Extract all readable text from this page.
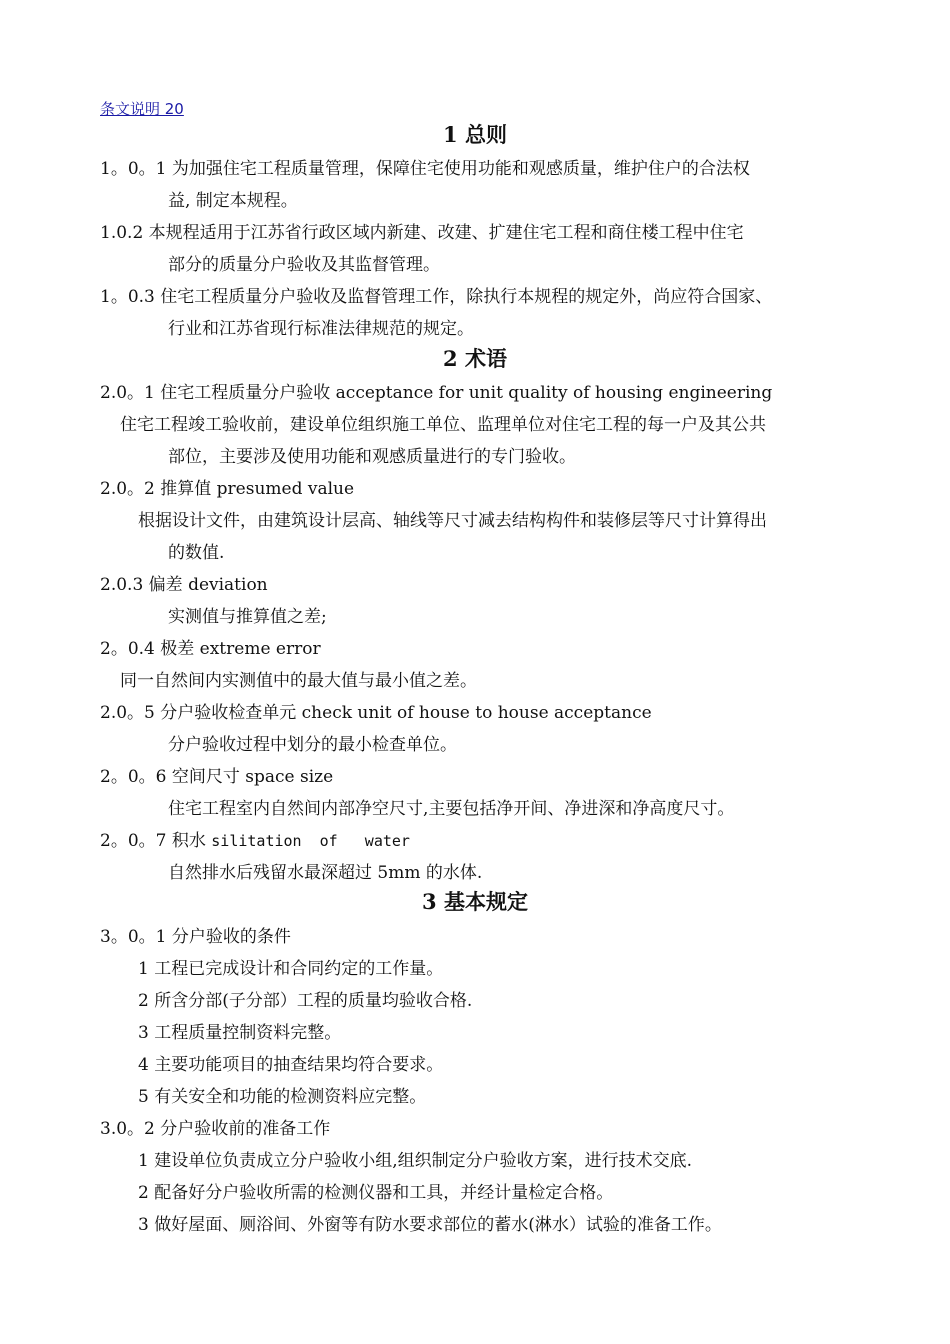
条文说明 20
1 总则
1。0。1 为加强住宅工程质量管理，保障住宅使用功能和观感质量，维护住户的合法权
益, 制定本规程。
1.0.2 本规程适用于江苏省行政区域内新建、改建、扩建住宅工程和商住楼工程中住宅
部分的质量分户验收及其监督管理。
1。0.3 住宅工程质量分户验收及监督管理工作，除执行本规程的规定外，尚应符合国家、
行业和江苏省现行标准法律规范的规定。
2 术语
2.0。1 住宅工程质量分户验收 acceptance for unit quality of housing engineering
住宅工程竣工验收前，建设单位组织施工单位、监理单位对住宅工程的每一户及其公共
部位，主要涉及使用功能和观感质量进行的专门验收。
2.0。2 推算值 presumed value
根据设计文件，由建筑设计层高、轴线等尺寸减去结构构件和装修层等尺寸计算得出
的数值.
2.0.3 偏差 deviation
实测值与推算值之差;
2。0.4 极差 extreme error
同一自然间内实测值中的最大值与最小值之差。
2.0。5 分户验收检查单元 check unit of house to house acceptance
分户验收过程中划分的最小检查单位。
2。0。6 空间尺寸 space size
住宅工程室内自然间内部净空尺寸,主要包括净开间、净进深和净高度尺寸。
2。0。7 积水 silitation  of   water
自然排水后残留水最深超过 5mm 的水体.
3 基本规定
3。0。1 分户验收的条件
1 工程已完成设计和合同约定的工作量。
2 所含分部(子分部）工程的质量均验收合格.
3 工程质量控制资料完整。
4 主要功能项目的抽查结果均符合要求。
5 有关安全和功能的检测资料应完整。
3.0。2 分户验收前的准备工作
1 建设单位负责成立分户验收小组,组织制定分户验收方案，进行技术交底.
2 配备好分户验收所需的检测仪器和工具，并经计量检定合格。
3 做好屋面、厕浴间、外窗等有防水要求部位的蓄水(淋水）试验的准备工作。
